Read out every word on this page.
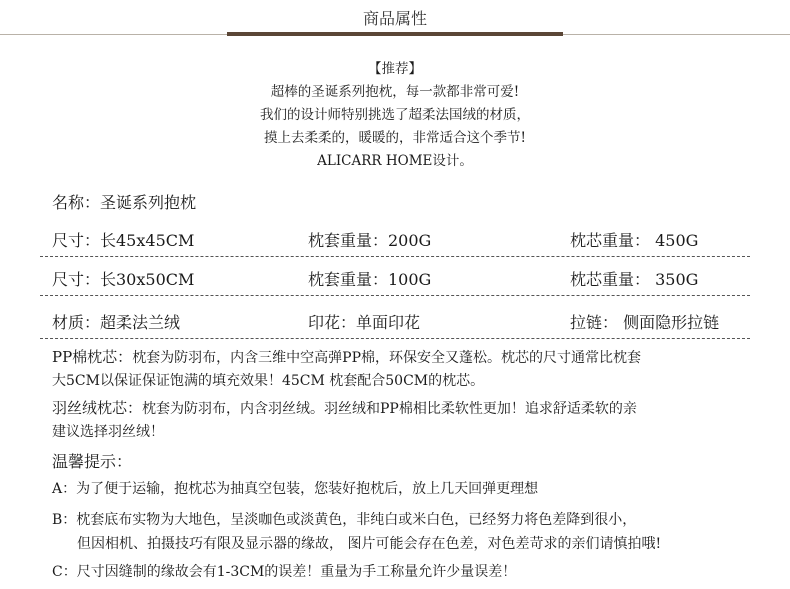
商品属性
【推荐】
超棒的圣诞系列抱枕，每一款都非常可爱!
我们的设计师特别挑选了超柔法国绒的材质，
摸上去柔柔的，暖暖的，非常适合这个季节!
ALICARR HOME设计。
名称：圣诞系列抱枕
尺寸：长45x45CM	枕套重量：200G	枕芯重量： 450G
尺寸：长30x50CM	枕套重量：100G	枕芯重量： 350G
材质：超柔法兰绒	印花：单面印花	拉链： 侧面隐形拉链
PP棉枕芯：枕套为防羽布，内含三维中空高弹PP棉，环保安全又蓬松。枕芯的尺寸通常比枕套
大5CM以保证保证饱满的填充效果！45CM 枕套配合50CM的枕芯。
羽丝绒枕芯：枕套为防羽布，内含羽丝绒。羽丝绒和PP棉相比柔软性更加！追求舒适柔软的亲
建议选择羽丝绒！
温馨提示：
A：为了便于运输，抱枕芯为抽真空包装，您装好抱枕后，放上几天回弹更理想
B：枕套底布实物为大地色，呈淡咖色或淡黄色，非纯白或米白色，已经努力将色差降到很小，
但因相机、拍摄技巧有限及显示器的缘故， 图片可能会存在色差，对色差苛求的亲们请慎拍哦!
C：尺寸因缝制的缘故会有1-3CM的误差！重量为手工称量允许少量误差！
